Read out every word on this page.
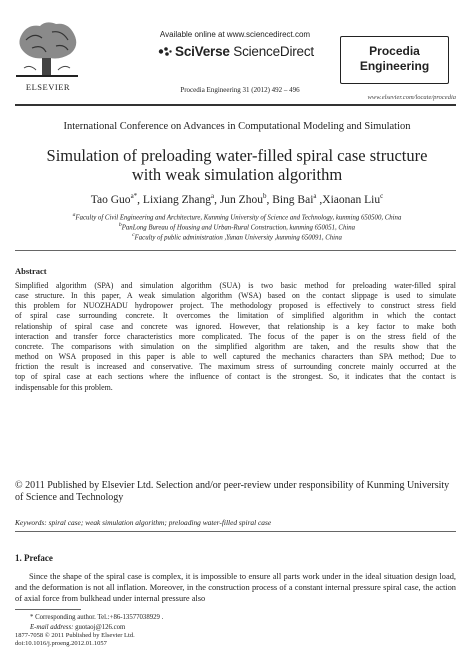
ELSEVIER
Available online at www.sciencedirect.com
SciVerse ScienceDirect
Procedia Engineering 31 (2012) 492 – 496
Procedia
Engineering
www.elsevier.com/locate/procedia
International Conference on Advances in Computational Modeling and Simulation
Simulation of preloading water-filled spiral case structure with weak simulation algorithm
Tao Guo$^{a*}$, Lixiang Zhang$^a$, Jun Zhou$^b$, Bing Bai$^a$ ,Xiaonan Liu$^c$
$^a$Faculty of Civil Engineering and Architecture, Kunming University of Science and Technology, kunming 650500, China
$^b$PanLong Bureau of Housing and Urban-Rural Construction, kunming 650051, China
$^c$Faculty of public administration ,Yunan University ,kunming 650091, China
Abstract
Simplified algorithm (SPA) and simulation algorithm (SUA) is two basic method for preloading water-filled spiral
case structure. In this paper, A weak simulation algorithm (WSA) based on the contact slippage is used to simulate
this problem for NUOZHADU hydropower project. The methodology proposed is effectively to construct stress field
of spiral case surrounding concrete. It overcomes the limitation of simplified algorithm in which the contact
relationship of spiral case and concrete was ignored. However, that relationship is a key factor to make both
interaction and transfer force characteristics more complicated. The focus of the paper is on the stress field of the
concrete. The comparisons with simulation on the simplified algorithm are taken, and the results show that the
method on WSA proposed in this paper is able to well captured the mechanics characters than SPA method; Due to
friction the result is increased and conservative. The maximum stress of surrounding concrete mainly occurred at the
top of spiral case at each sections where the influence of contact is the strongest. So, it indicates that the contact is
indispensable for this problem.
© 2011 Published by Elsevier Ltd. Selection and/or peer-review under responsibility of Kunming University of Science and Technology
Keywords: spiral case; weak simulation algorithm; preloading water-filled spiral case
1. Preface
Since the shape of the spiral case is complex, it is impossible to ensure all parts work under in the ideal situation design load, and the deformation is not all inflation. Moreover, in the construction process of a constant internal pressure spiral case, the action of axial force from bulkhead under internal pressure also
* Corresponding author. Tel.:+86-13577038929 .
E-mail address: guotaoj@126.com
1877-7058 © 2011 Published by Elsevier Ltd.
doi:10.1016/j.proeng.2012.01.1057
